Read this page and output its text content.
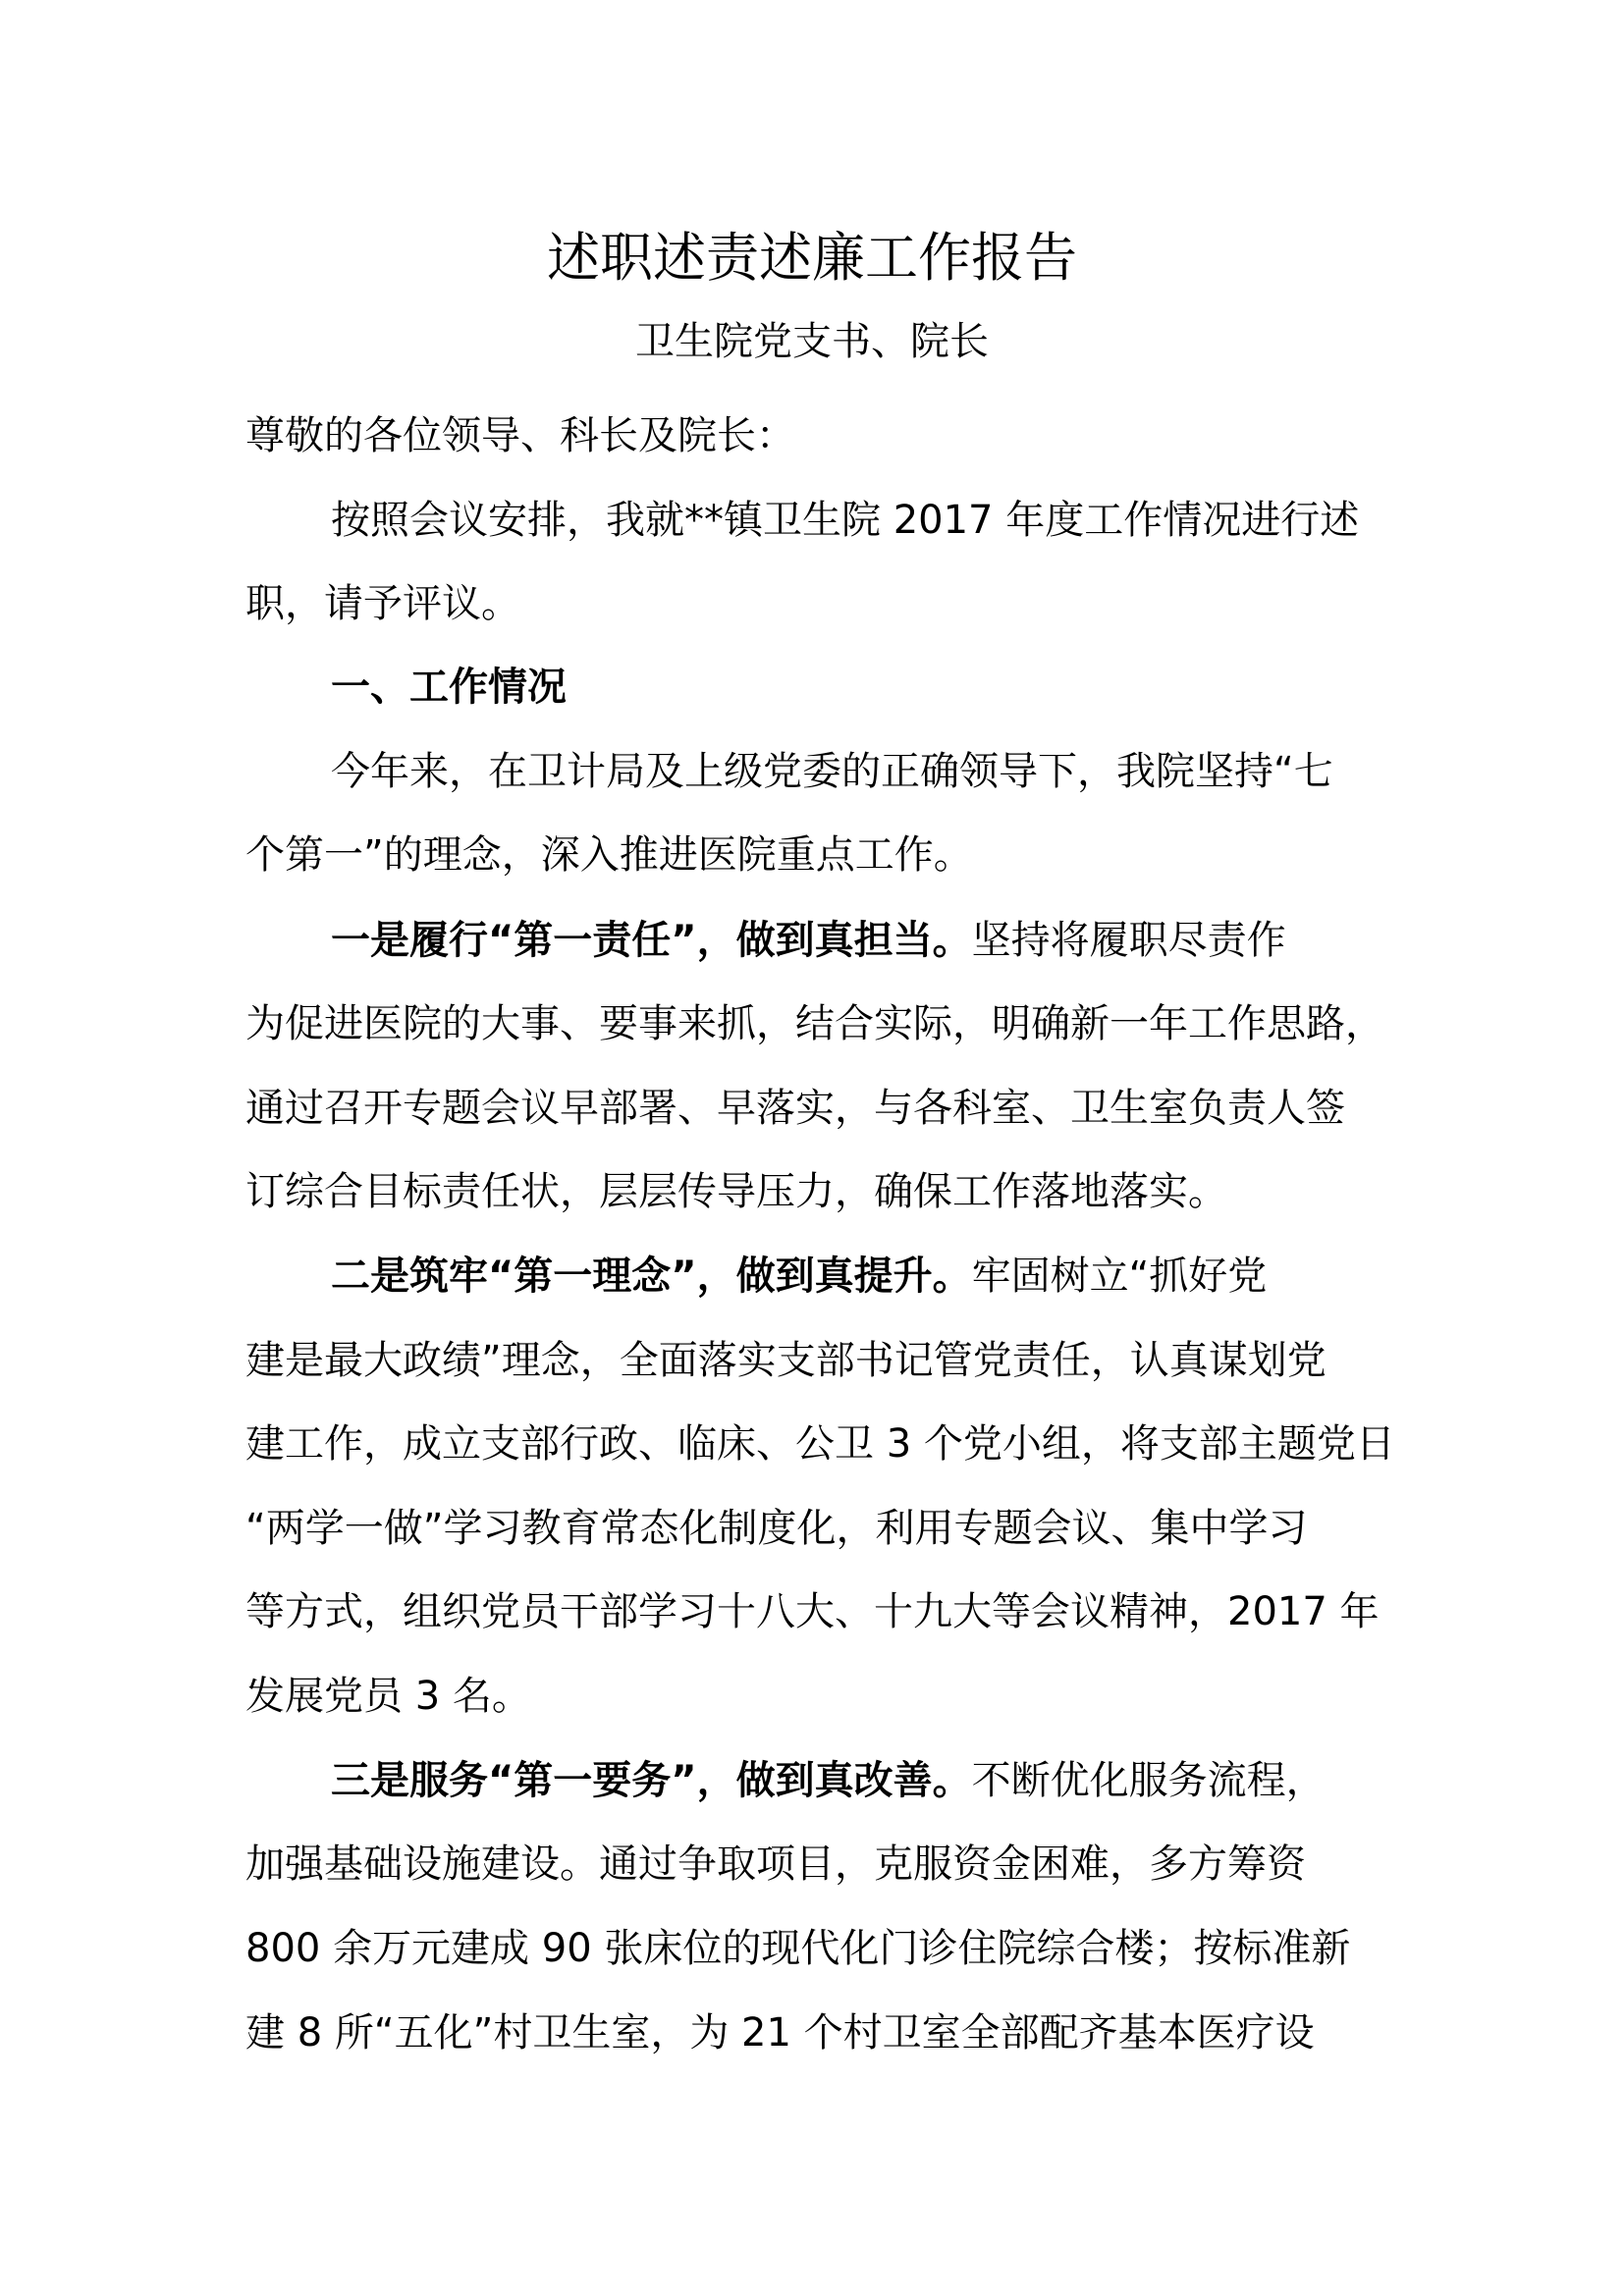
述职述责述廉工作报告
卫生院党支书、院长
尊敬的各位领导、科长及院长：
按照会议安排，我就**镇卫生院 2017 年度工作情况进行述
职，请予评议。
一、工作情况
今年来，在卫计局及上级党委的正确领导下，我院坚持“七
个第一”的理念，深入推进医院重点工作。
一是履行“第一责任”，做到真担当。坚持将履职尽责作
为促进医院的大事、要事来抓，结合实际，明确新一年工作思路，
通过召开专题会议早部署、早落实，与各科室、卫生室负责人签
订综合目标责任状，层层传导压力，确保工作落地落实。
二是筑牢“第一理念”，做到真提升。牢固树立“抓好党
建是最大政绩”理念，全面落实支部书记管党责任，认真谋划党
建工作，成立支部行政、临床、公卫 3 个党小组，将支部主题党日
“两学一做”学习教育常态化制度化，利用专题会议、集中学习
等方式，组织党员干部学习十八大、十九大等会议精神，2017 年
发展党员 3 名。
三是服务“第一要务”，做到真改善。不断优化服务流程，
加强基础设施建设。通过争取项目，克服资金困难，多方筹资
800 余万元建成 90 张床位的现代化门诊住院综合楼；按标准新
建 8 所“五化”村卫生室，为 21 个村卫室全部配齐基本医疗设
